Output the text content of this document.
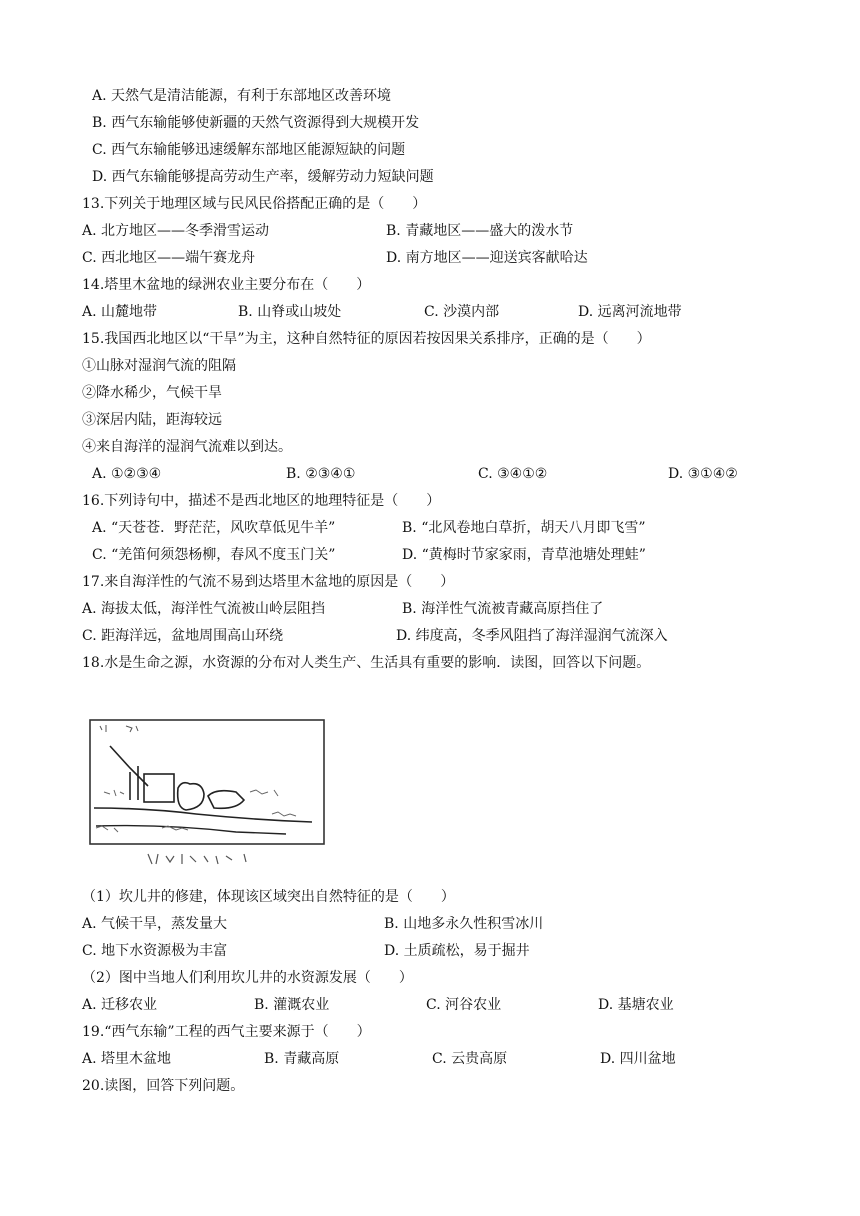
A. 天然气是清洁能源，有利于东部地区改善环境
B. 西气东输能够使新疆的天然气资源得到大规模开发
C. 西气东输能够迅速缓解东部地区能源短缺的问题
D. 西气东输能够提高劳动生产率，缓解劳动力短缺问题
13.下列关于地理区域与民风民俗搭配正确的是（　　）
A. 北方地区——冬季滑雪运动	B. 青藏地区——盛大的泼水节
C. 西北地区——端午赛龙舟	D. 南方地区——迎送宾客献哈达
14.塔里木盆地的绿洲农业主要分布在（　　）
A. 山麓地带	B. 山脊或山坡处	C. 沙漠内部	D. 远离河流地带
15.我国西北地区以“干旱”为主，这种自然特征的原因若按因果关系排序，正确的是（　　）
①山脉对湿润气流的阻隔
②降水稀少，气候干旱
③深居内陆，距海较远
④来自海洋的湿润气流难以到达。
A. ①②③④	B. ②③④①	C. ③④①②	D. ③①④②
16.下列诗句中，描述不是西北地区的地理特征是（　　）
A. “天苍苍．野茫茫，风吹草低见牛羊”	B. “北风卷地白草折，胡天八月即飞雪”
C. “羌笛何须怨杨柳，春风不度玉门关”	D. “黄梅时节家家雨，青草池塘处理蛙”
17.来自海洋性的气流不易到达塔里木盆地的原因是（　　）
A. 海拔太低，海洋性气流被山岭层阻挡	B. 海洋性气流被青藏高原挡住了
C. 距海洋远，盆地周围高山环绕	D. 纬度高，冬季风阻挡了海洋湿润气流深入
18.水是生命之源，水资源的分布对人类生产、生活具有重要的影响．读图，回答以下问题。
（1）坎儿井的修建，体现该区域突出自然特征的是（　　）
A. 气候干旱，蒸发量大	B. 山地多永久性积雪冰川
C. 地下水资源极为丰富	D. 土质疏松，易于掘井
（2）图中当地人们利用坎儿井的水资源发展（　　）
A. 迁移农业	B. 灌溉农业	C. 河谷农业	D. 基塘农业
19.“西气东输”工程的西气主要来源于（　　）
A. 塔里木盆地	B. 青藏高原	C. 云贵高原	D. 四川盆地
20.读图，回答下列问题。
